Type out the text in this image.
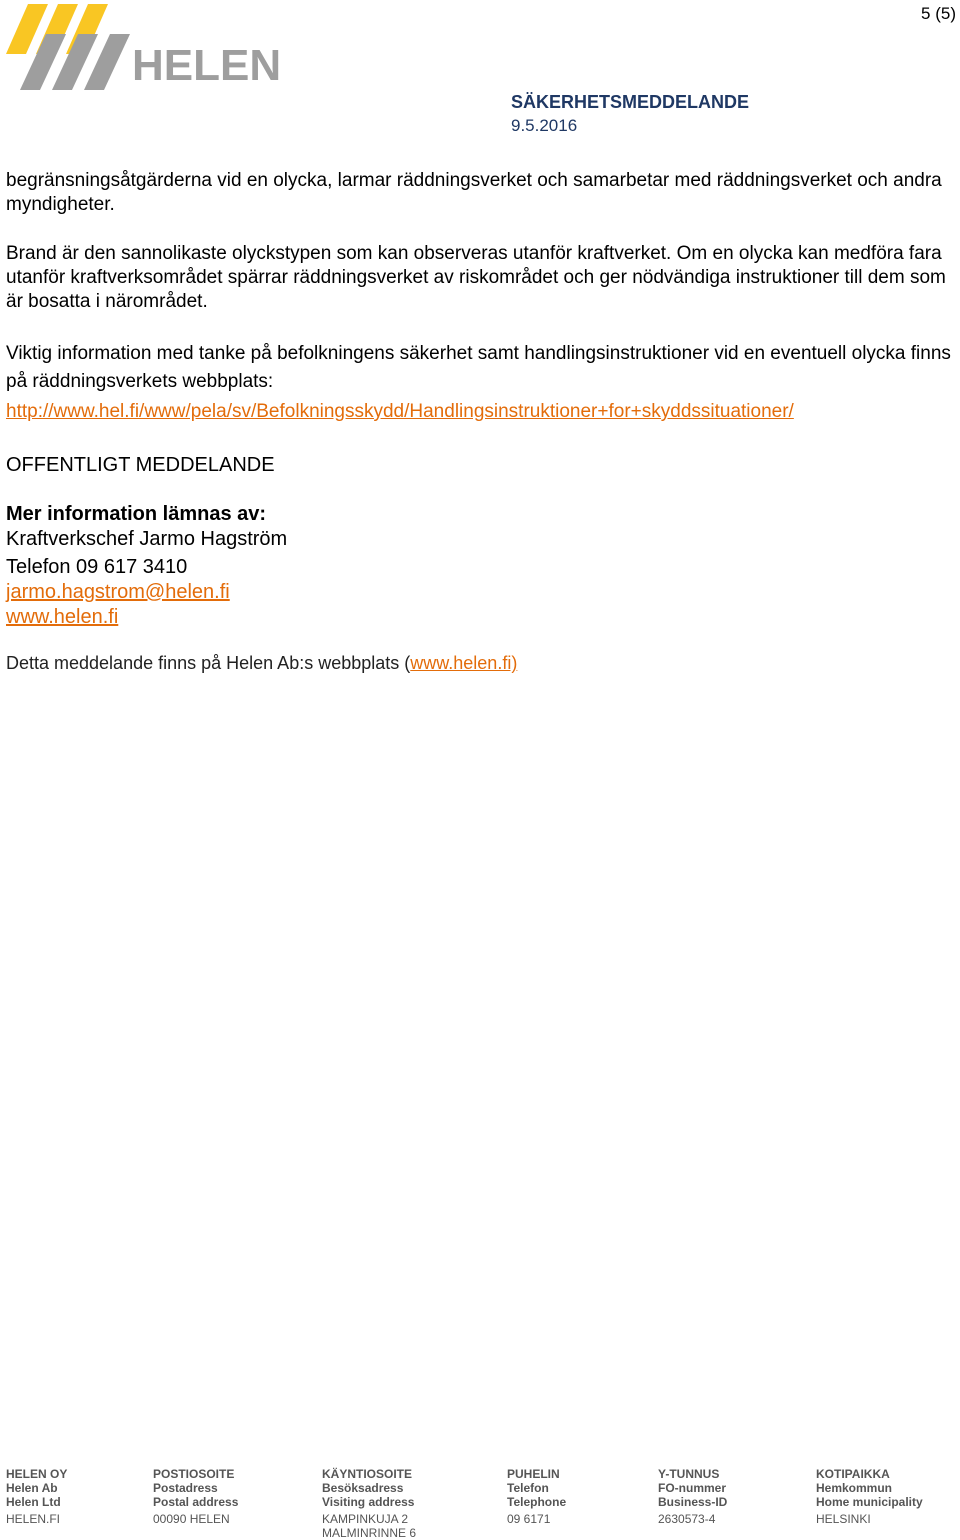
HELEN
5 (5)
SÄKERHETSMEDDELANDE
9.5.2016
begränsningsåtgärderna vid en olycka, larmar räddningsverket och samarbetar med räddningsverket och andra myndigheter.
Brand är den sannolikaste olyckstypen som kan observeras utanför kraftverket. Om en olycka kan medföra fara utanför kraftverksområdet spärrar räddningsverket av riskområdet och ger nödvändiga instruktioner till dem som är bosatta i närområdet.
Viktig information med tanke på befolkningens säkerhet samt handlingsinstruktioner vid en eventuell olycka finns på räddningsverkets webbplats:
http://www.hel.fi/www/pela/sv/Befolkningsskydd/Handlingsinstruktioner+for+skyddssituationer/
OFFENTLIGT MEDDELANDE
Mer information lämnas av:
Kraftverkschef Jarmo Hagström
Telefon 09 617 3410
jarmo.hagstrom@helen.fi
www.helen.fi
Detta meddelande finns på Helen Ab:s webbplats (www.helen.fi)
HELEN OY
Helen Ab
Helen Ltd
HELEN.FI
POSTIOSOITE
Postadress
Postal address
00090 HELEN
KÄYNTIOSOITE
Besöksadress
Visiting address
KAMPINKUJA 2
MALMINRINNE 6
PUHELIN
Telefon
Telephone
09 6171
Y-TUNNUS
FO-nummer
Business-ID
2630573-4
KOTIPAIKKA
Hemkommun
Home municipality
HELSINKI
